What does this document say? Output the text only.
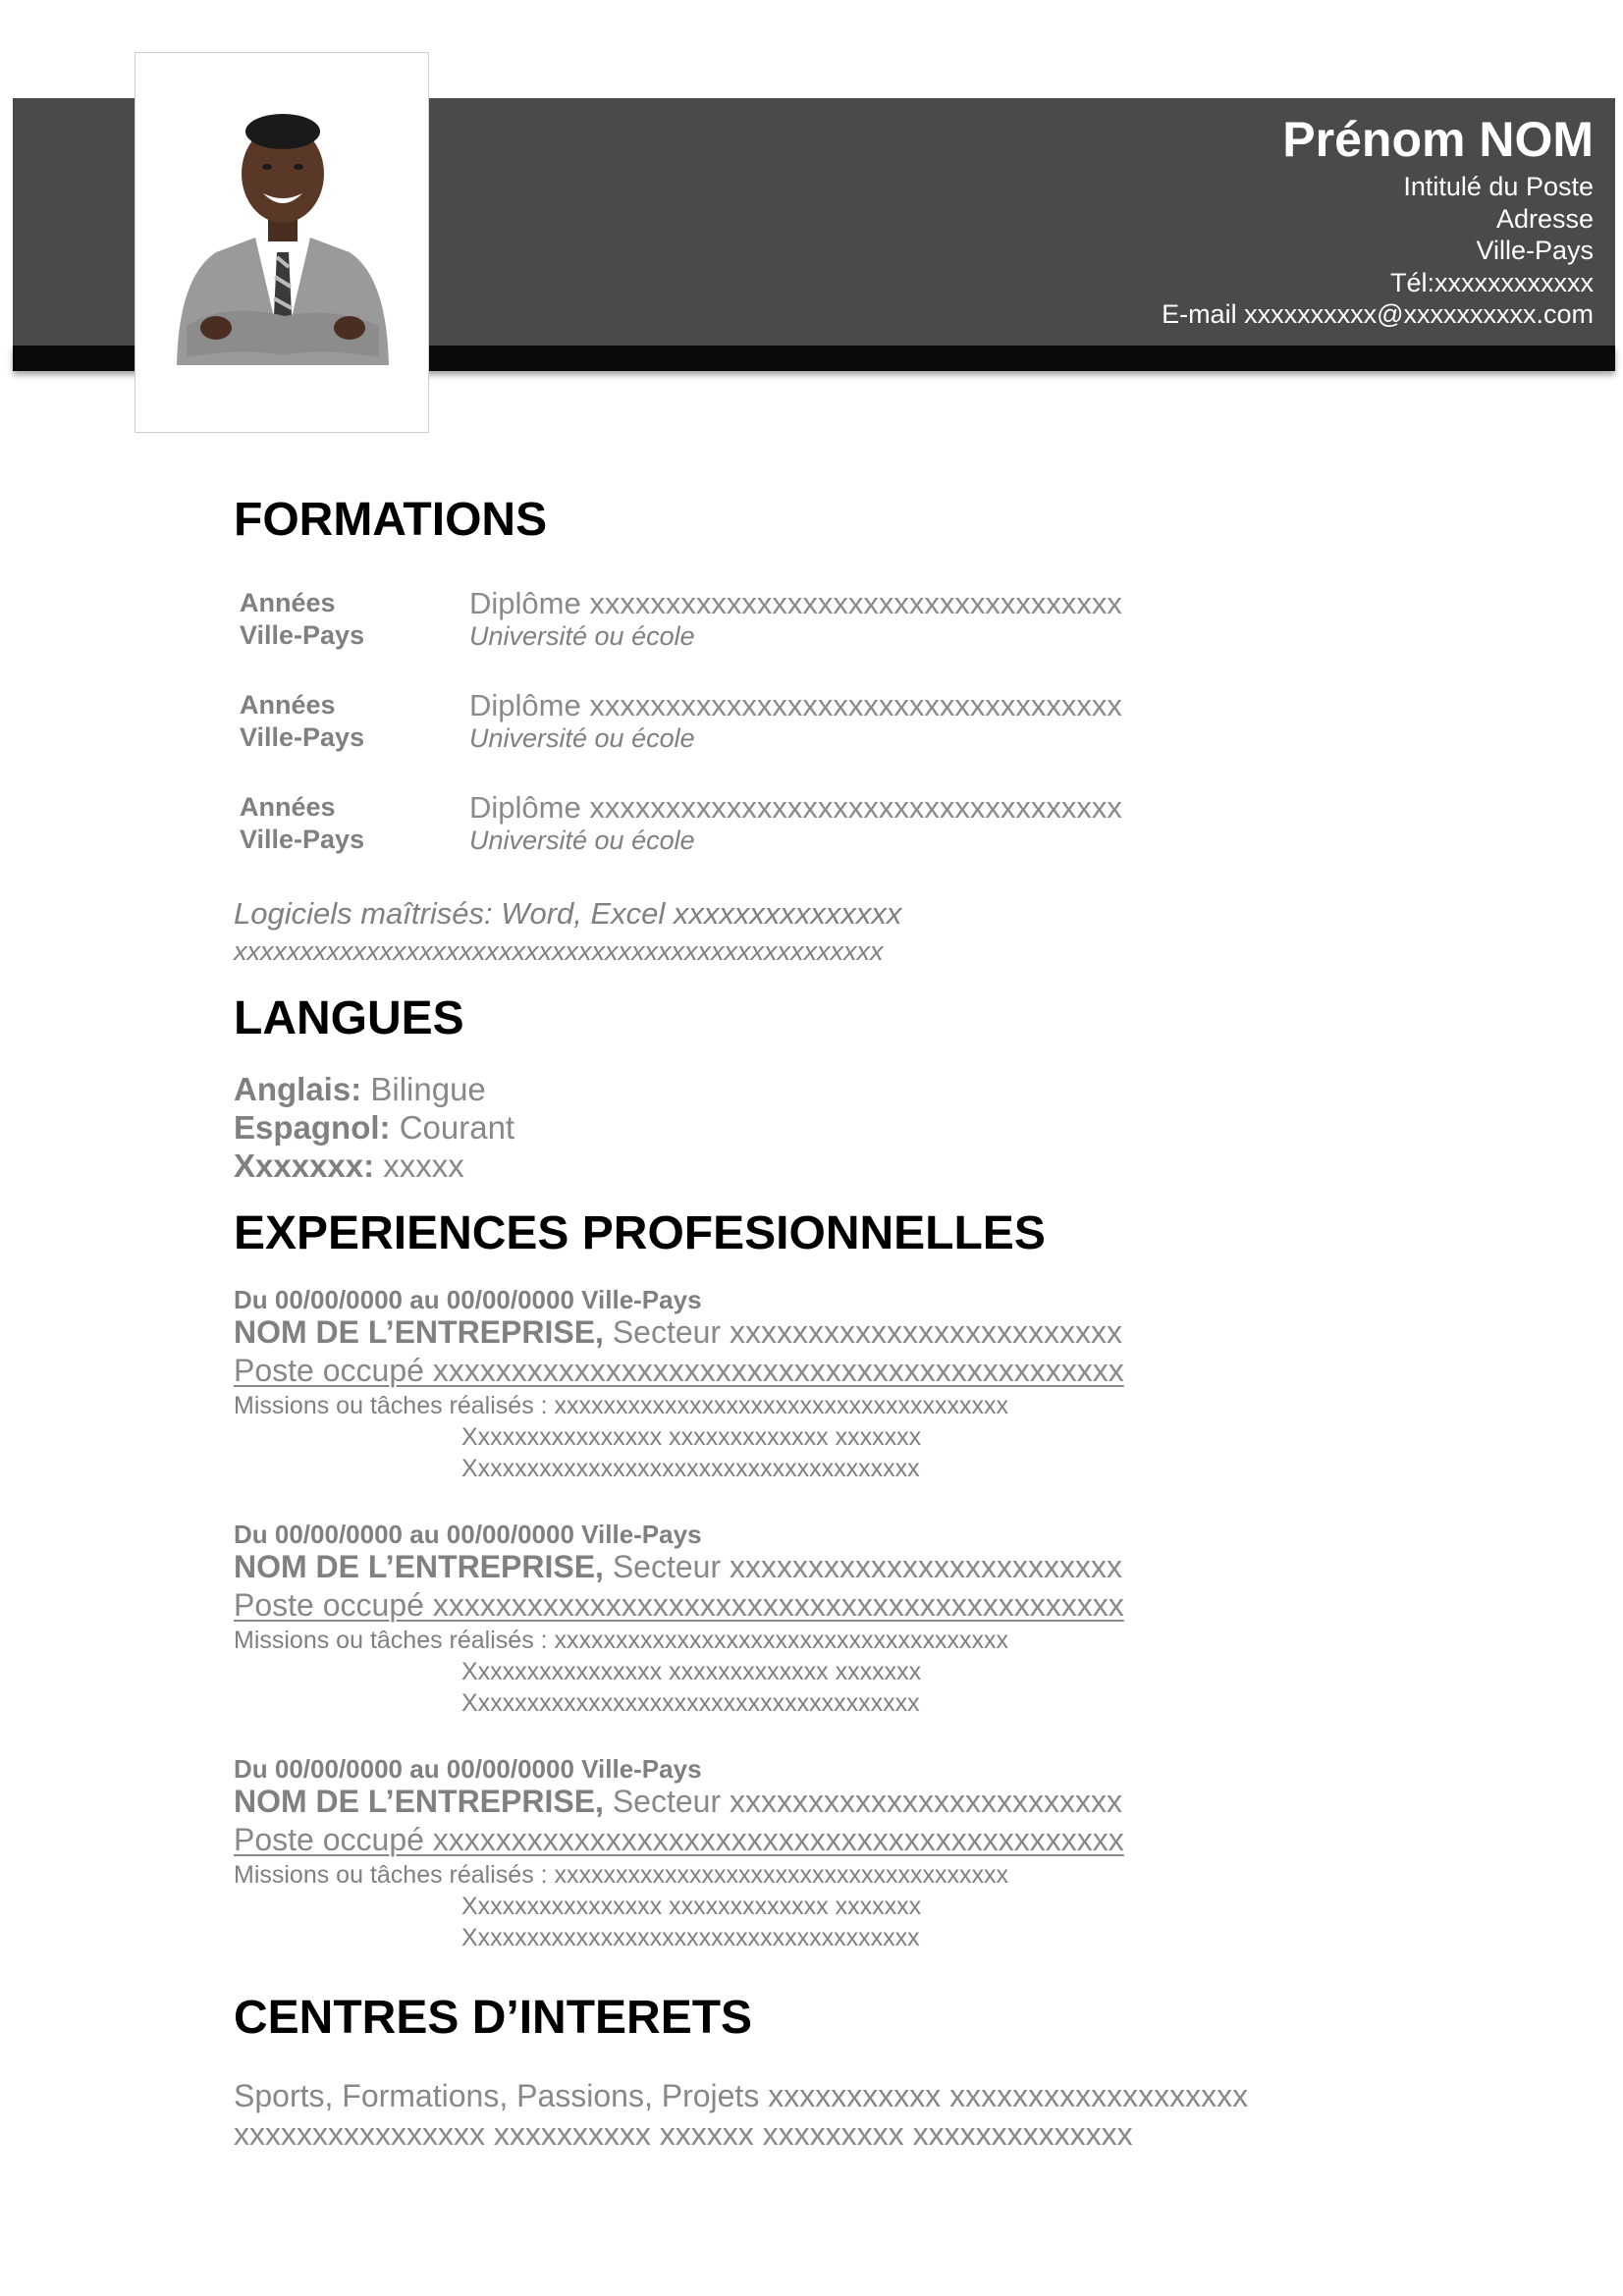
Prénom NOM
Intitulé du Poste
Adresse
Ville-Pays
Tél:xxxxxxxxxxxx
E-mail xxxxxxxxxx@xxxxxxxxxx.com
FORMATIONS
Années
Ville-Pays
Diplôme xxxxxxxxxxxxxxxxxxxxxxxxxxxxxxxxxxx
Université ou école
Années
Ville-Pays
Diplôme xxxxxxxxxxxxxxxxxxxxxxxxxxxxxxxxxxx
Université ou école
Années
Ville-Pays
Diplôme xxxxxxxxxxxxxxxxxxxxxxxxxxxxxxxxxxx
Université ou école
Logiciels maîtrisés: Word, Excel xxxxxxxxxxxxxxx
xxxxxxxxxxxxxxxxxxxxxxxxxxxxxxxxxxxxxxxxxxxxxxxxx
LANGUES
Anglais: Bilingue
Espagnol: Courant
Xxxxxxx: xxxxx
EXPERIENCES PROFESIONNELLES
Du 00/00/0000 au 00/00/0000 Ville-Pays
NOM DE L’ENTREPRISE, Secteur xxxxxxxxxxxxxxxxxxxxxxxxx
Poste occupé xxxxxxxxxxxxxxxxxxxxxxxxxxxxxxxxxxxxxxxxxxxx
Missions ou tâches réalisés : xxxxxxxxxxxxxxxxxxxxxxxxxxxxxxxxxxxxx
Xxxxxxxxxxxxxxxx xxxxxxxxxxxxx xxxxxxx
Xxxxxxxxxxxxxxxxxxxxxxxxxxxxxxxxxxxxx
Du 00/00/0000 au 00/00/0000 Ville-Pays
NOM DE L’ENTREPRISE, Secteur xxxxxxxxxxxxxxxxxxxxxxxxx
Poste occupé xxxxxxxxxxxxxxxxxxxxxxxxxxxxxxxxxxxxxxxxxxxx
Missions ou tâches réalisés : xxxxxxxxxxxxxxxxxxxxxxxxxxxxxxxxxxxxx
Xxxxxxxxxxxxxxxx xxxxxxxxxxxxx xxxxxxx
Xxxxxxxxxxxxxxxxxxxxxxxxxxxxxxxxxxxxx
Du 00/00/0000 au 00/00/0000 Ville-Pays
NOM DE L’ENTREPRISE, Secteur xxxxxxxxxxxxxxxxxxxxxxxxx
Poste occupé xxxxxxxxxxxxxxxxxxxxxxxxxxxxxxxxxxxxxxxxxxxx
Missions ou tâches réalisés : xxxxxxxxxxxxxxxxxxxxxxxxxxxxxxxxxxxxx
Xxxxxxxxxxxxxxxx xxxxxxxxxxxxx xxxxxxx
Xxxxxxxxxxxxxxxxxxxxxxxxxxxxxxxxxxxxx
CENTRES D’INTERETS
Sports, Formations, Passions, Projets xxxxxxxxxxx xxxxxxxxxxxxxxxxxxx
xxxxxxxxxxxxxxxx xxxxxxxxxx xxxxxx xxxxxxxxx xxxxxxxxxxxxxx
